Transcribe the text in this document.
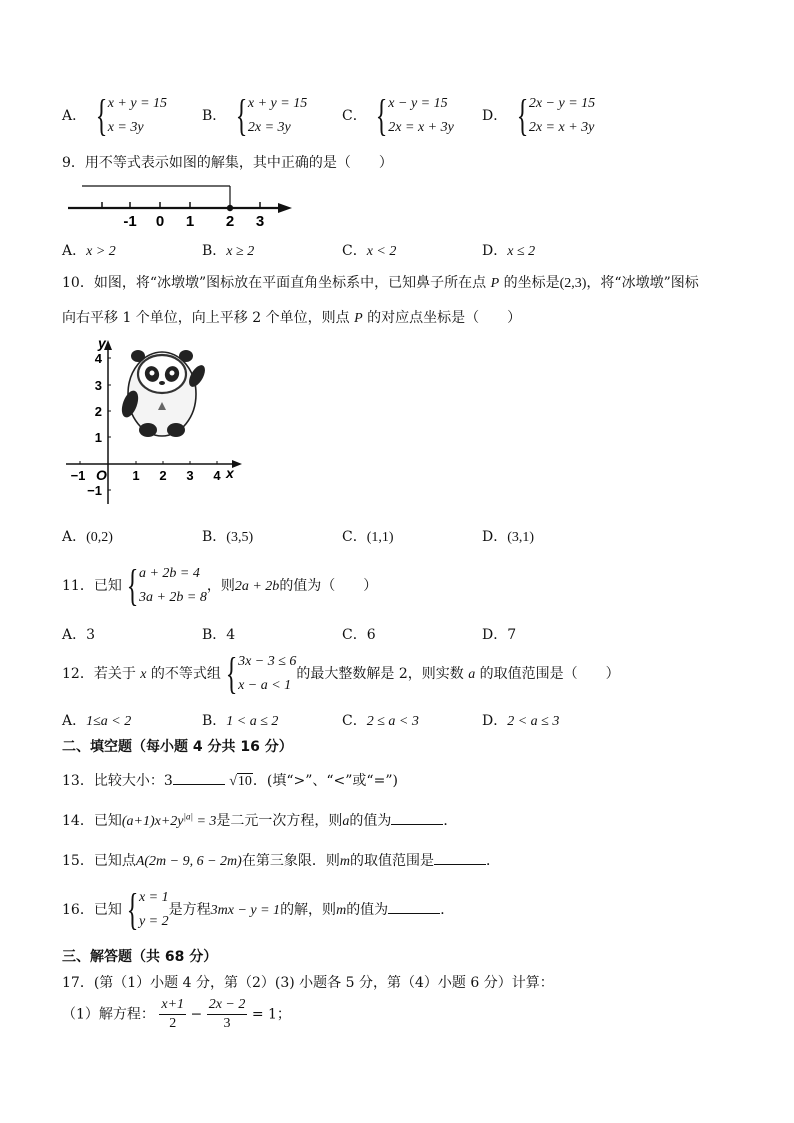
A． { x + y = 15
x = 3y
B． { x + y = 15
2x = 3y
C． { x − y = 15
2x = x + 3y
D． { 2x − y = 15
2x = x + 3y
9．用不等式表示如图的解集，其中正确的是（　　）
-1 0 1 2 3
A．x > 2	B．x ≥ 2	C．x < 2	D．x ≤ 2
10．如图，将“冰墩墩”图标放在平面直角坐标系中，已知鼻子所在点 P 的坐标是(2,3)，将“冰墩墩”图标
向右平移 1 个单位，向上平移 2 个单位，则点 P 的对应点坐标是（　　）
y
x
O
−1	1 2 3 4
4
3
2
1
−1
A．(0,2)	B．(3,5)	C．(1,1)	D．(3,1)
11．已知 { a + 2b = 4
3a + 2b = 8
，则2a + 2b的值为（　　）
A．3	B．4	C．6	D．7
12．若关于 x 的不等式组 { 3x − 3 ≤ 6
x − a < 1
的最大整数解是 2，则实数 a 的取值范围是（　　）
A．1≤a < 2	B．1 < a ≤ 2	C．2 ≤ a < 3	D．2 < a ≤ 3
二、填空题（每小题 4 分共 16 分）
13．比较大小：3	√10．(填“>”、“<”或“=”)
14．已知$(a+1)x+2y^{|a|} = 3$是二元一次方程，则a的值为	．
15．已知点A(2m − 9, 6 − 2m)在第三象限．则m的取值范围是	．
16．已知 { x = 1
y = 2
是方程3mx − y = 1的解，则m的值为	．
三、解答题（共 68 分）
17．(第（1）小题 4 分，第（2）(3) 小题各 5 分，第（4）小题 6 分）计算：
（1）解方程： $\frac{x+1}{2} - \frac{2x - 2}{3} = 1$；
